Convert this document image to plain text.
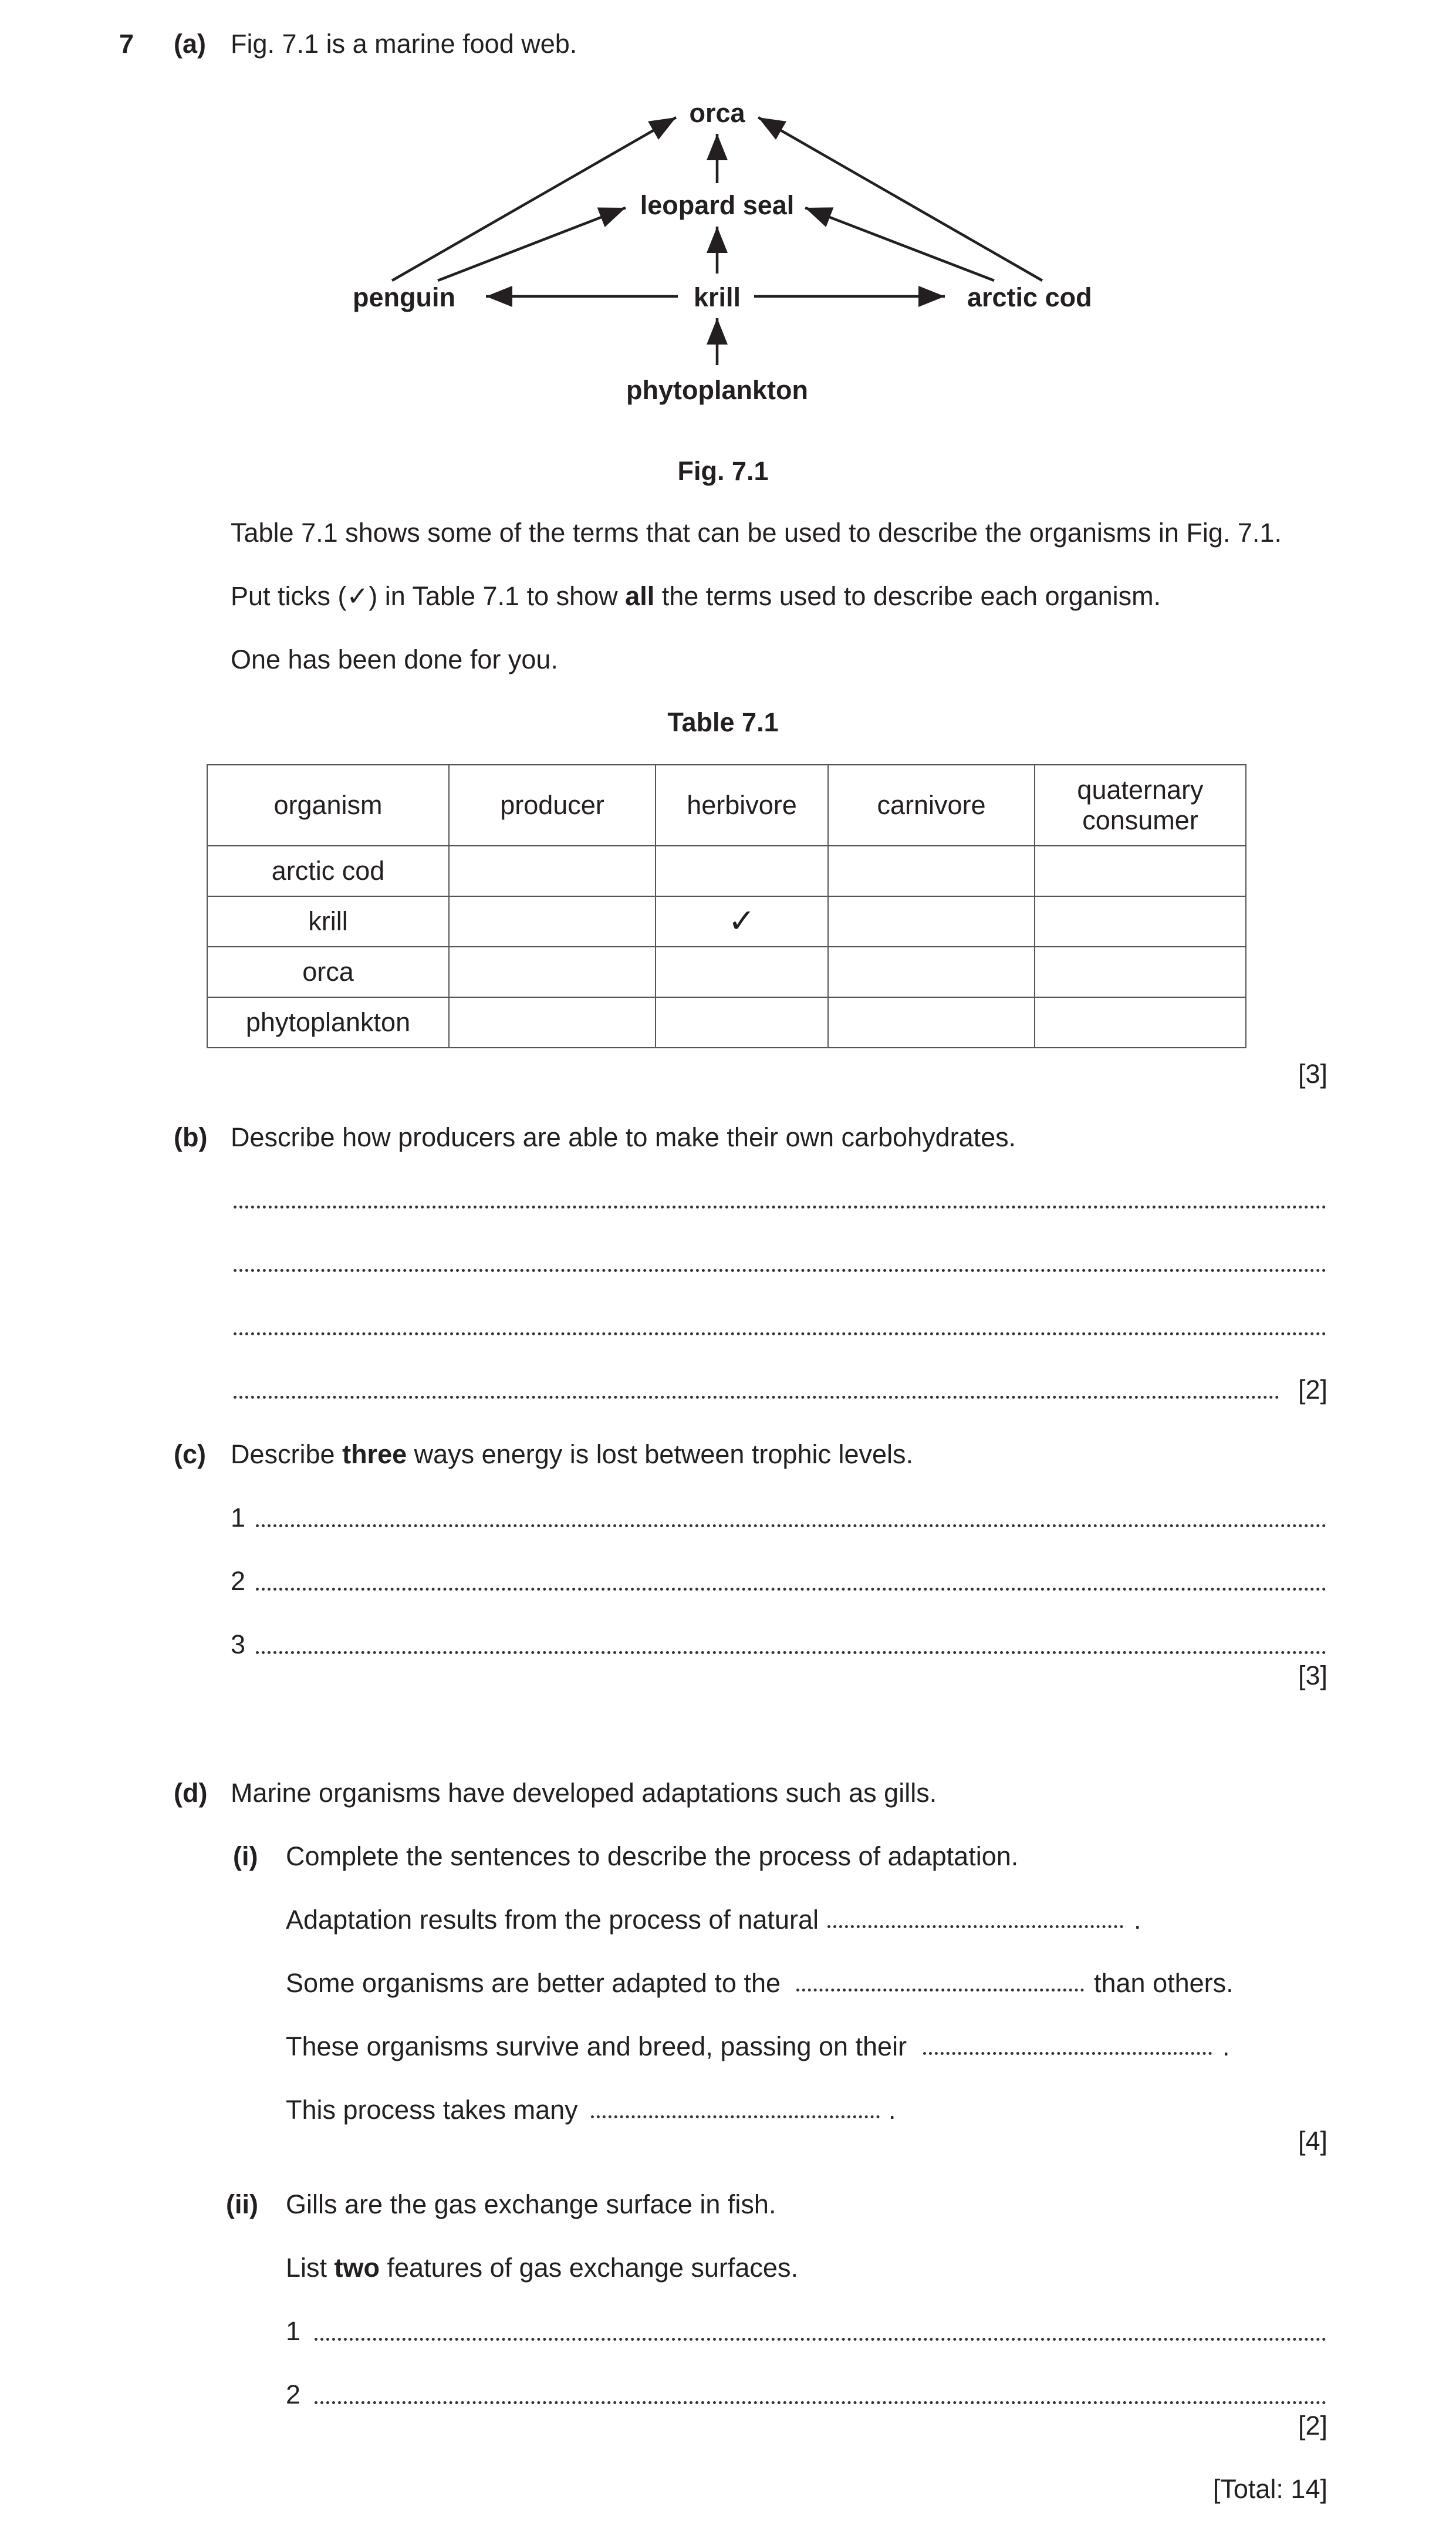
7 (a) Fig. 7.1 is a marine food web.
orca
leopard seal
penguin	krill	arctic cod
phytoplankton
Fig. 7.1
Table 7.1 shows some of the terms that can be used to describe the organisms in Fig. 7.1.
Put ticks (✓) in Table 7.1 to show all the terms used to describe each organism.
One has been done for you.
Table 7.1
organism	producer	herbivore	carnivore	quaternary consumer

arctic cod				
krill		✓		
orca				
phytoplankton				
[3]
(b) Describe how producers are able to make their own carbohydrates.
[2]
(c) Describe three ways energy is lost between trophic levels.
1
2
3
[3]
(d) Marine organisms have developed adaptations such as gills.
(i) Complete the sentences to describe the process of adaptation.
Adaptation results from the process of natural	.
Some organisms are better adapted to the	than others.
These organisms survive and breed, passing on their	.
This process takes many	.
[4]
(ii) Gills are the gas exchange surface in fish.
List two features of gas exchange surfaces.
1
2
[2]
[Total: 14]
